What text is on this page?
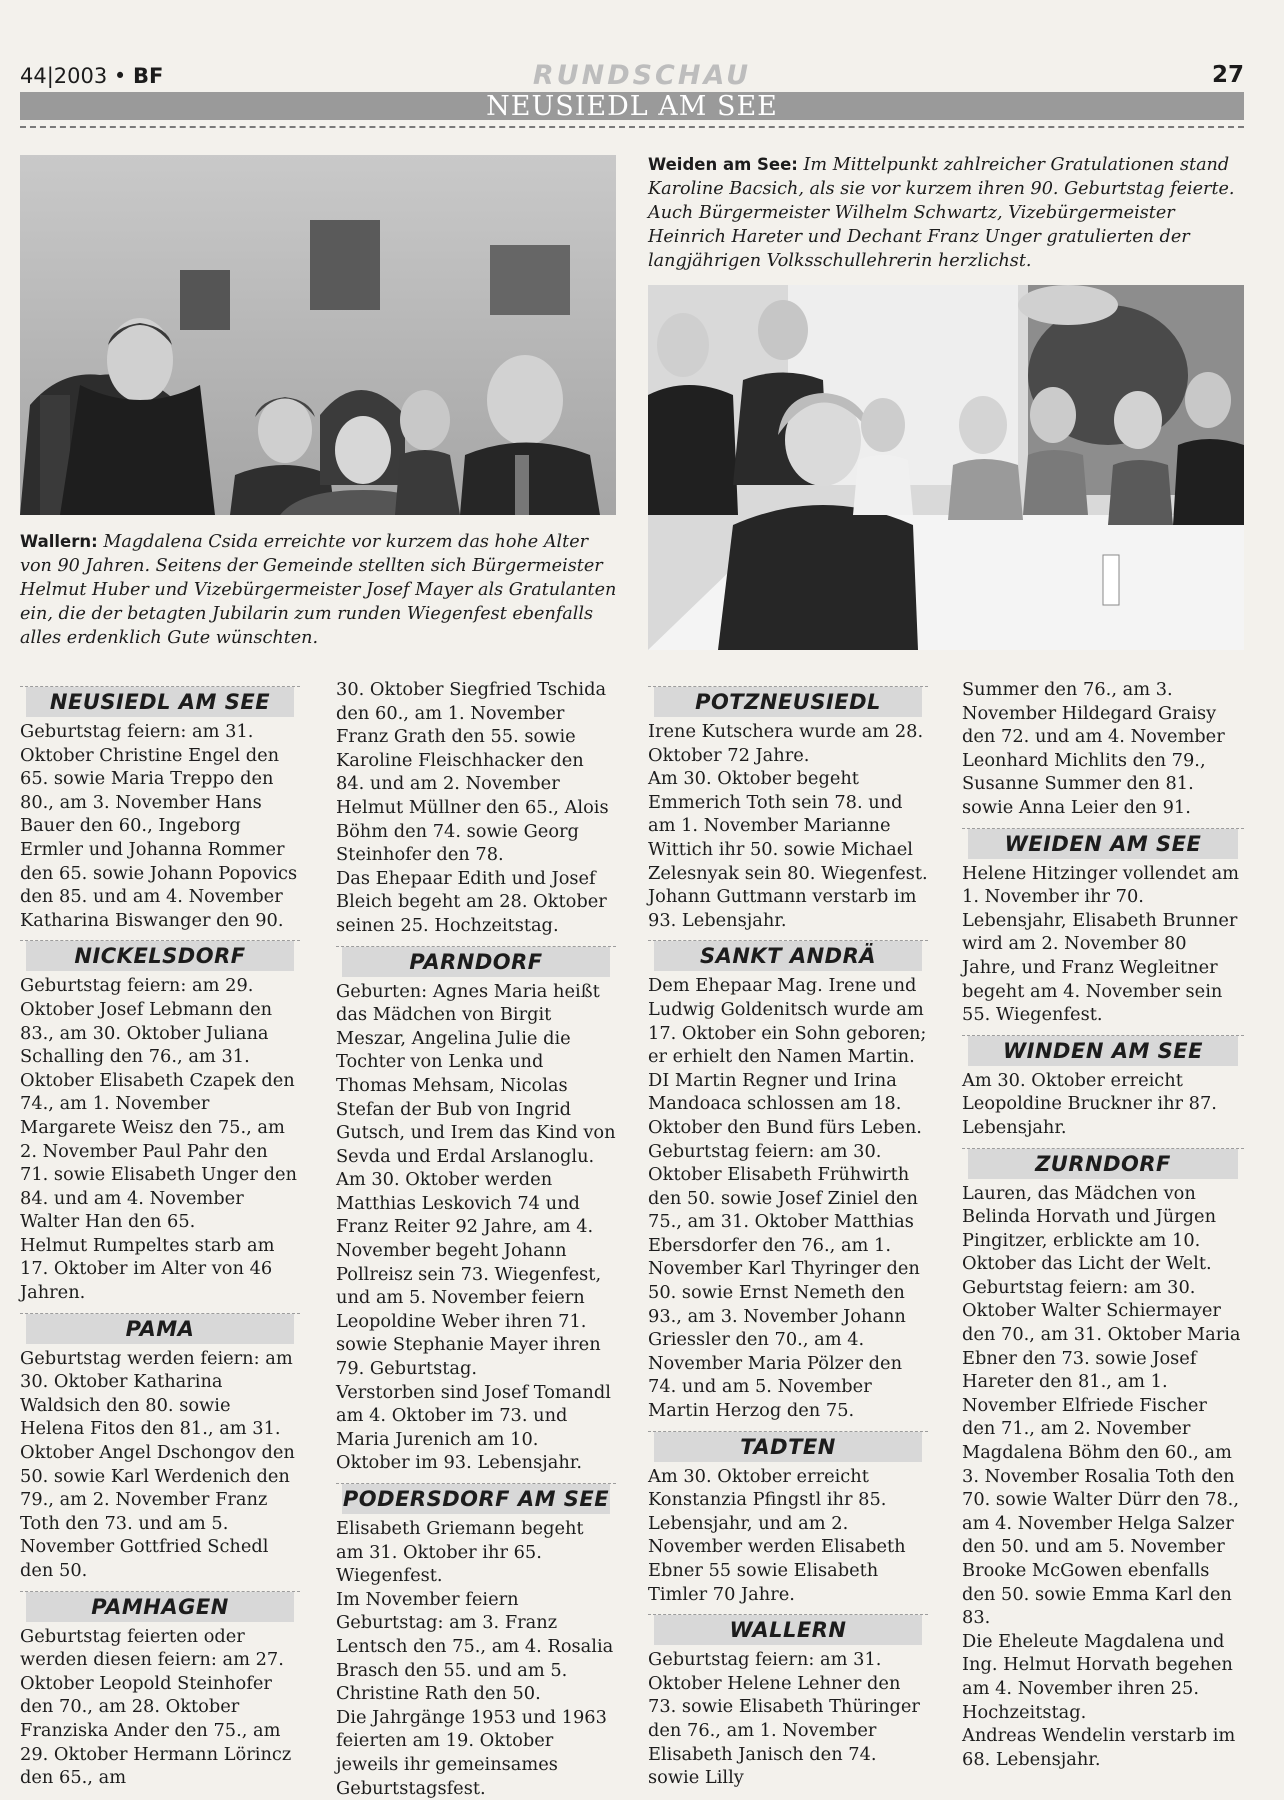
44|2003 • BF	RUNDSCHAU	27
NEUSIEDL AM SEE
Wallern: Magdalena Csida erreichte vor kurzem das hohe Alter von 90 Jahren. Seitens der Gemeinde stellten sich Bürgermeister Helmut Huber und Vizebürgermeister Josef Mayer als Gratulanten ein, die der betagten Jubilarin zum runden Wiegenfest ebenfalls alles erdenklich Gute wünschten.
Weiden am See: Im Mittelpunkt zahlreicher Gratulationen stand Karoline Bacsich, als sie vor kurzem ihren 90. Geburtstag feierte. Auch Bürgermeister Wilhelm Schwartz, Vizebürgermeister Heinrich Hareter und Dechant Franz Unger gratulierten der langjährigen Volksschullehrerin herzlichst.
NEUSIEDL AM SEE

Geburtstag feiern: am 31. Oktober Christine Engel den 65. sowie Maria Treppo den 80., am 3. November Hans Bauer den 60., Ingeborg Ermler und Johanna Rommer den 65. sowie Johann Popovics den 85. und am 4. November Katharina Biswanger den 90.

NICKELSDORF

Geburtstag feiern: am 29. Oktober Josef Lebmann den 83., am 30. Oktober Juliana Schalling den 76., am 31. Oktober Elisabeth Czapek den 74., am 1. November Margarete Weisz den 75., am 2. November Paul Pahr den 71. sowie Elisabeth Unger den 84. und am 4. November Walter Han den 65.

Helmut Rumpeltes starb am 17. Oktober im Alter von 46 Jahren.

PAMA

Geburtstag werden feiern: am 30. Oktober Katharina Waldsich den 80. sowie Helena Fitos den 81., am 31. Oktober Angel Dschongov den 50. sowie Karl Werdenich den 79., am 2. November Franz Toth den 73. und am 5. November Gottfried Schedl den 50.

PAMHAGEN

Geburtstag feierten oder werden diesen feiern: am 27. Oktober Leopold Steinhofer den 70., am 28. Oktober Franziska Ander den 75., am 29. Oktober Hermann Lörincz den 65., am

30. Oktober Siegfried Tschida den 60., am 1. November Franz Grath den 55. sowie Karoline Fleischhacker den 84. und am 2. November Helmut Müllner den 65., Alois Böhm den 74. sowie Georg Steinhofer den 78.

Das Ehepaar Edith und Josef Bleich begeht am 28. Oktober seinen 25. Hochzeitstag.

PARNDORF

Geburten: Agnes Maria heißt das Mädchen von Birgit Meszar, Angelina Julie die Tochter von Lenka und Thomas Mehsam, Nicolas Stefan der Bub von Ingrid Gutsch, und Irem das Kind von Sevda und Erdal Arslanoglu.

Am 30. Oktober werden Matthias Leskovich 74 und Franz Reiter 92 Jahre, am 4. November begeht Johann Pollreisz sein 73. Wiegenfest, und am 5. November feiern Leopoldine Weber ihren 71. sowie Stephanie Mayer ihren 79. Geburtstag.

Verstorben sind Josef Tomandl am 4. Oktober im 73. und Maria Jurenich am 10. Oktober im 93. Lebensjahr.

PODERSDORF AM SEE

Elisabeth Griemann begeht am 31. Oktober ihr 65. Wiegenfest.

Im November feiern Geburtstag: am 3. Franz Lentsch den 75., am 4. Rosalia Brasch den 55. und am 5. Christine Rath den 50.

Die Jahrgänge 1953 und 1963 feierten am 19. Oktober jeweils ihr gemeinsames Geburtstagsfest.

POTZNEUSIEDL

Irene Kutschera wurde am 28. Oktober 72 Jahre.

Am 30. Oktober begeht Emmerich Toth sein 78. und am 1. November Marianne Wittich ihr 50. sowie Michael Zelesnyak sein 80. Wiegenfest.

Johann Guttmann verstarb im 93. Lebensjahr.

SANKT ANDRÄ

Dem Ehepaar Mag. Irene und Ludwig Goldenitsch wurde am 17. Oktober ein Sohn geboren; er erhielt den Namen Martin.

DI Martin Regner und Irina Mandoaca schlossen am 18. Oktober den Bund fürs Leben.

Geburtstag feiern: am 30. Oktober Elisabeth Frühwirth den 50. sowie Josef Ziniel den 75., am 31. Oktober Matthias Ebersdorfer den 76., am 1. November Karl Thyringer den 50. sowie Ernst Nemeth den 93., am 3. November Johann Griessler den 70., am 4. November Maria Pölzer den 74. und am 5. November Martin Herzog den 75.

TADTEN

Am 30. Oktober erreicht Konstanzia Pfingstl ihr 85. Lebensjahr, und am 2. November werden Elisabeth Ebner 55 sowie Elisabeth Timler 70 Jahre.

WALLERN

Geburtstag feiern: am 31. Oktober Helene Lehner den 73. sowie Elisabeth Thüringer den 76., am 1. November Elisabeth Janisch den 74. sowie Lilly

Summer den 76., am 3. November Hildegard Graisy den 72. und am 4. November Leonhard Michlits den 79., Susanne Summer den 81. sowie Anna Leier den 91.

WEIDEN AM SEE

Helene Hitzinger vollendet am 1. November ihr 70. Lebensjahr, Elisabeth Brunner wird am 2. November 80 Jahre, und Franz Wegleitner begeht am 4. November sein 55. Wiegenfest.

WINDEN AM SEE

Am 30. Oktober erreicht Leopoldine Bruckner ihr 87. Lebensjahr.

ZURNDORF

Lauren, das Mädchen von Belinda Horvath und Jürgen Pingitzer, erblickte am 10. Oktober das Licht der Welt.

Geburtstag feiern: am 30. Oktober Walter Schiermayer den 70., am 31. Oktober Maria Ebner den 73. sowie Josef Hareter den 81., am 1. November Elfriede Fischer den 71., am 2. November Magdalena Böhm den 60., am 3. November Rosalia Toth den 70. sowie Walter Dürr den 78., am 4. November Helga Salzer den 50. und am 5. November Brooke McGowen ebenfalls den 50. sowie Emma Karl den 83.

Die Eheleute Magdalena und Ing. Helmut Horvath begehen am 4. November ihren 25. Hochzeitstag.

Andreas Wendelin verstarb im 68. Lebensjahr.
